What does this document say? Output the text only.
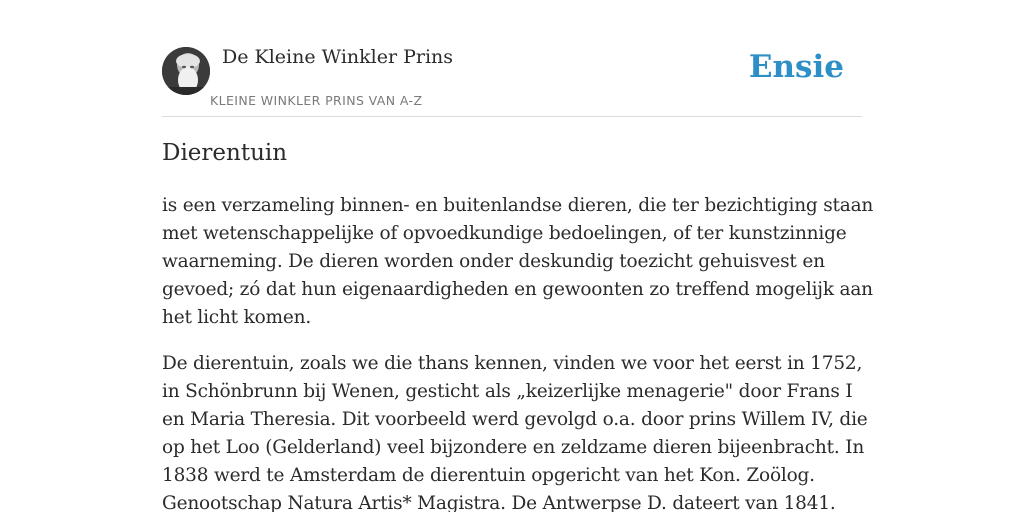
De Kleine Winkler Prins
KLEINE WINKLER PRINS VAN A-Z
Ensie
Dierentuin

is een verzameling binnen- en buitenlandse dieren, die ter bezichtiging staan met wetenschappelijke of opvoedkundige bedoelingen, of ter kunstzinnige waarneming. De dieren worden onder deskundig toezicht gehuisvest en gevoed; zó dat hun eigenaardigheden en gewoonten zo treffend mogelijk aan het licht komen.

De dierentuin, zoals we die thans kennen, vinden we voor het eerst in 1752, in Schönbrunn bij Wenen, gesticht als „keizerlijke menagerie" door Frans I en Maria Theresia. Dit voorbeeld werd gevolgd o.a. door prins Willem IV, die op het Loo (Gelderland) veel bijzondere en zeldzame dieren bijeenbracht. In 1838 werd te Amsterdam de dierentuin opgericht van het Kon. Zoölog. Genootschap Natura Artis* Magistra. De Antwerpse D. dateert van 1841.
